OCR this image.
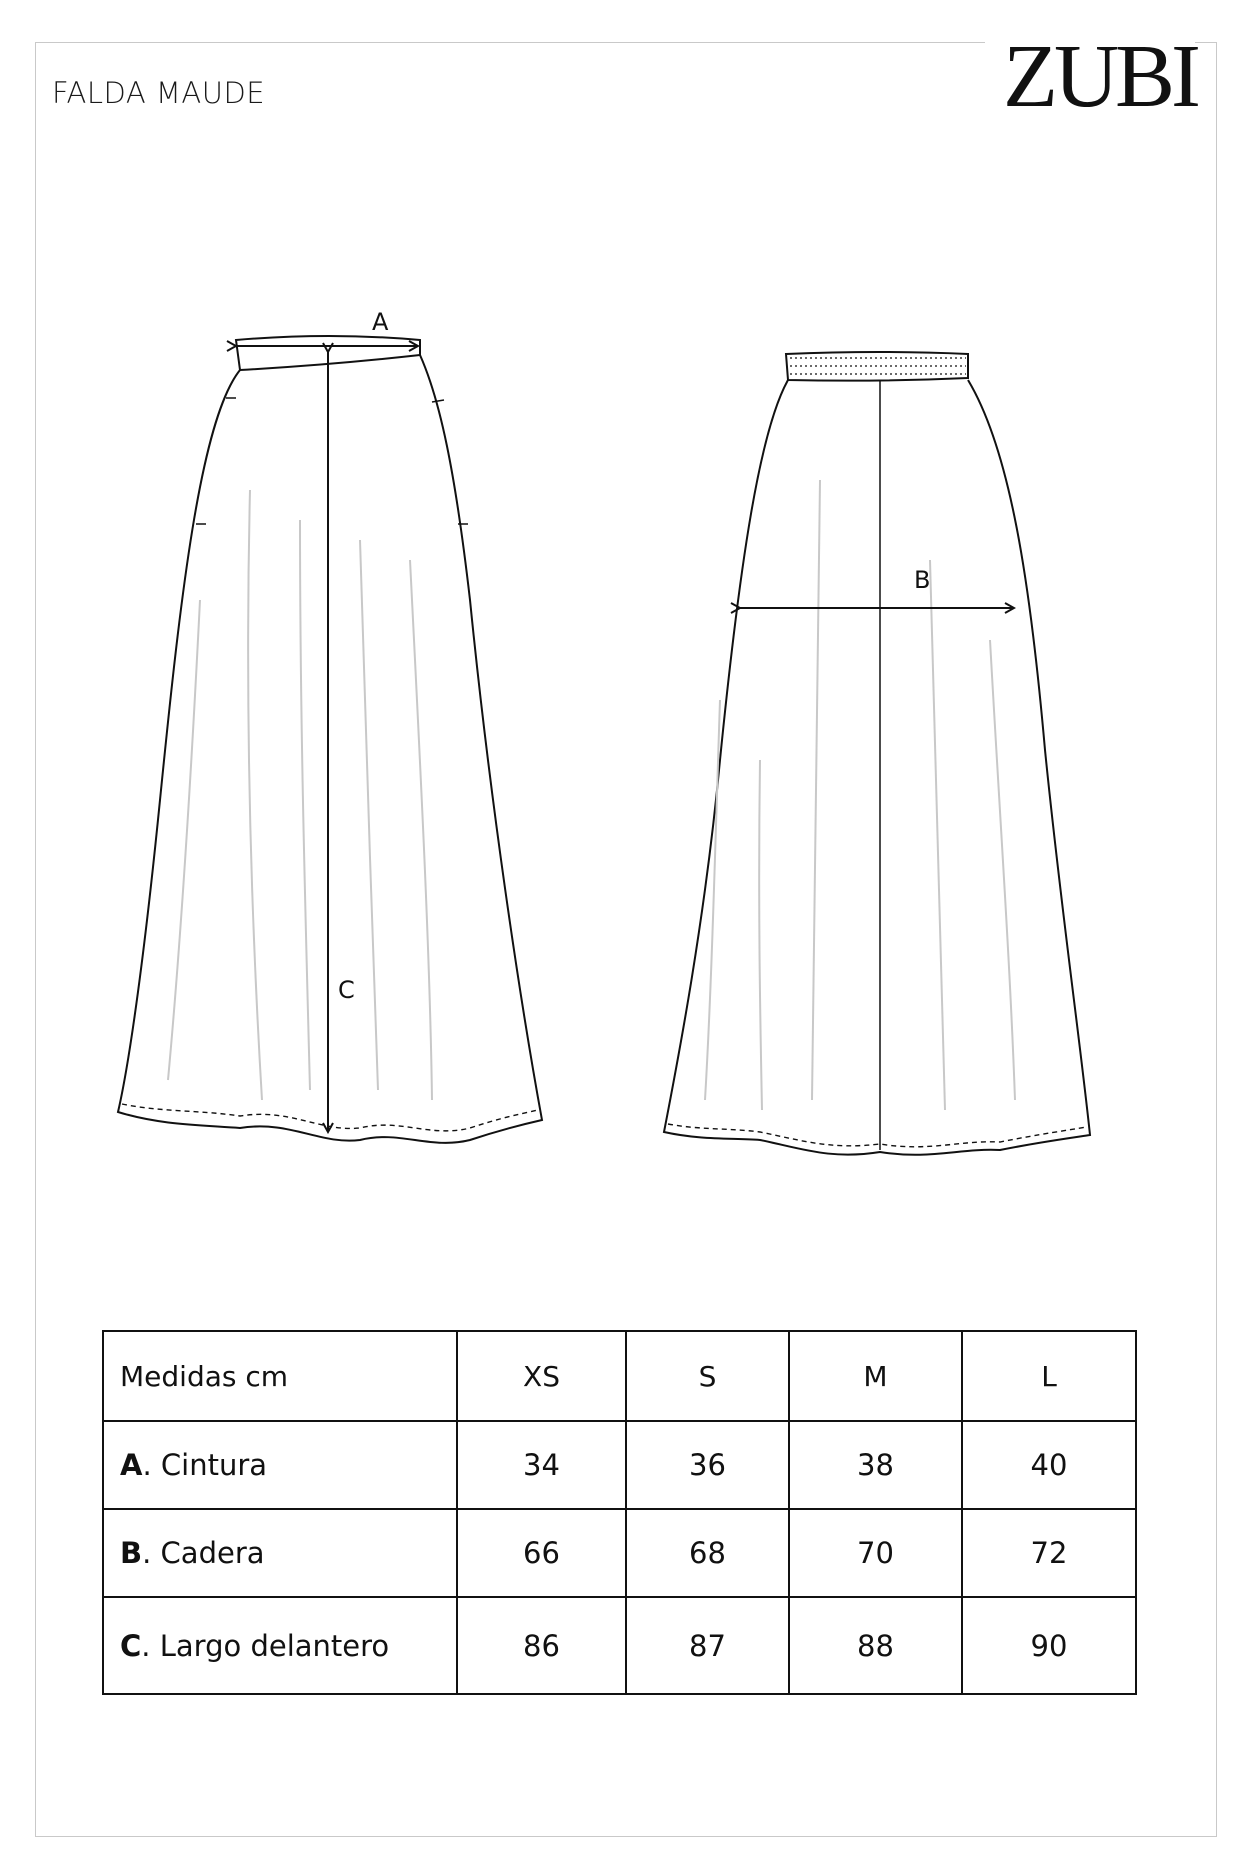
FALDA MAUDE	ZUBI
A
B
C
Medidas cm	XS	S	M	L
A. Cintura	34	36	38	40
B. Cadera	66	68	70	72
C. Largo delantero	86	87	88	90
